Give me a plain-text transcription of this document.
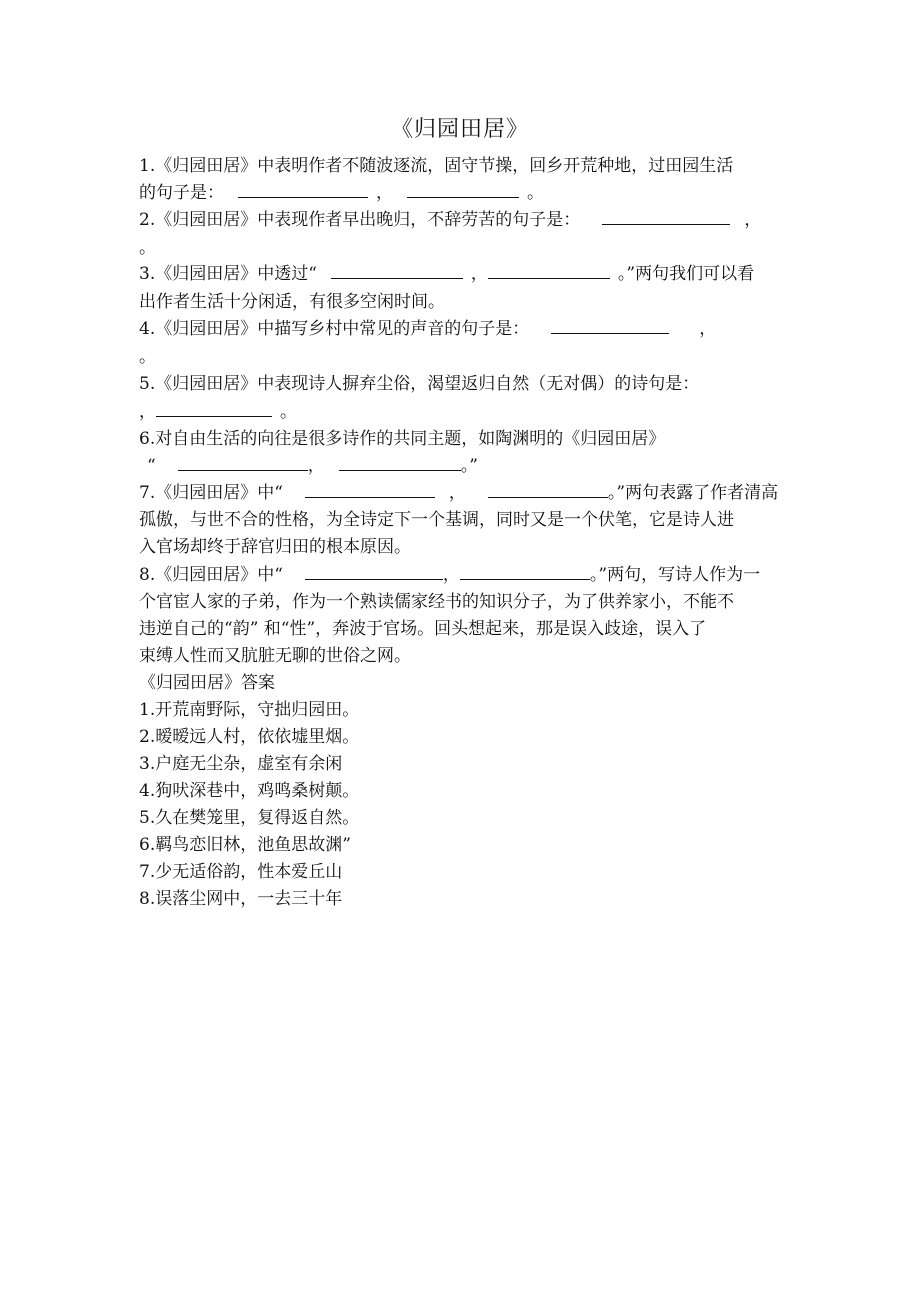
《归园田居》
1.《归园田居》中表明作者不随波逐流，固守节操，回乡开荒种地，过田园生活
的句子是：	，	。
2.《归园田居》中表现作者早出晚归，不辞劳苦的句子是：	，
。
3.《归园田居》中透过“	，	。”两句我们可以看
出作者生活十分闲适，有很多空闲时间。
4.《归园田居》中描写乡村中常见的声音的句子是：	，
。
5.《归园田居》中表现诗人摒弃尘俗，渴望返归自然（无对偶）的诗句是：
，	。
6.对自由生活的向往是很多诗作的共同主题，如陶渊明的《归园田居》
“	，	。”
7.《归园田居》中“	，	。”两句表露了作者清高
孤傲，与世不合的性格，为全诗定下一个基调，同时又是一个伏笔，它是诗人进
入官场却终于辞官归田的根本原因。
8.《归园田居》中“	，	。”两句，写诗人作为一
个官宦人家的子弟，作为一个熟读儒家经书的知识分子，为了供养家小，不能不
违逆自己的“韵” 和“性”，奔波于官场。回头想起来，那是误入歧途，误入了
束缚人性而又肮脏无聊的世俗之网。
《归园田居》答案
1.开荒南野际，守拙归园田。
2.暧暧远人村，依依墟里烟。
3.户庭无尘杂，虚室有余闲
4.狗吠深巷中，鸡鸣桑树颠。
5.久在樊笼里，复得返自然。
6.羁鸟恋旧林，池鱼思故渊”
7.少无适俗韵，性本爱丘山
8.误落尘网中，一去三十年
